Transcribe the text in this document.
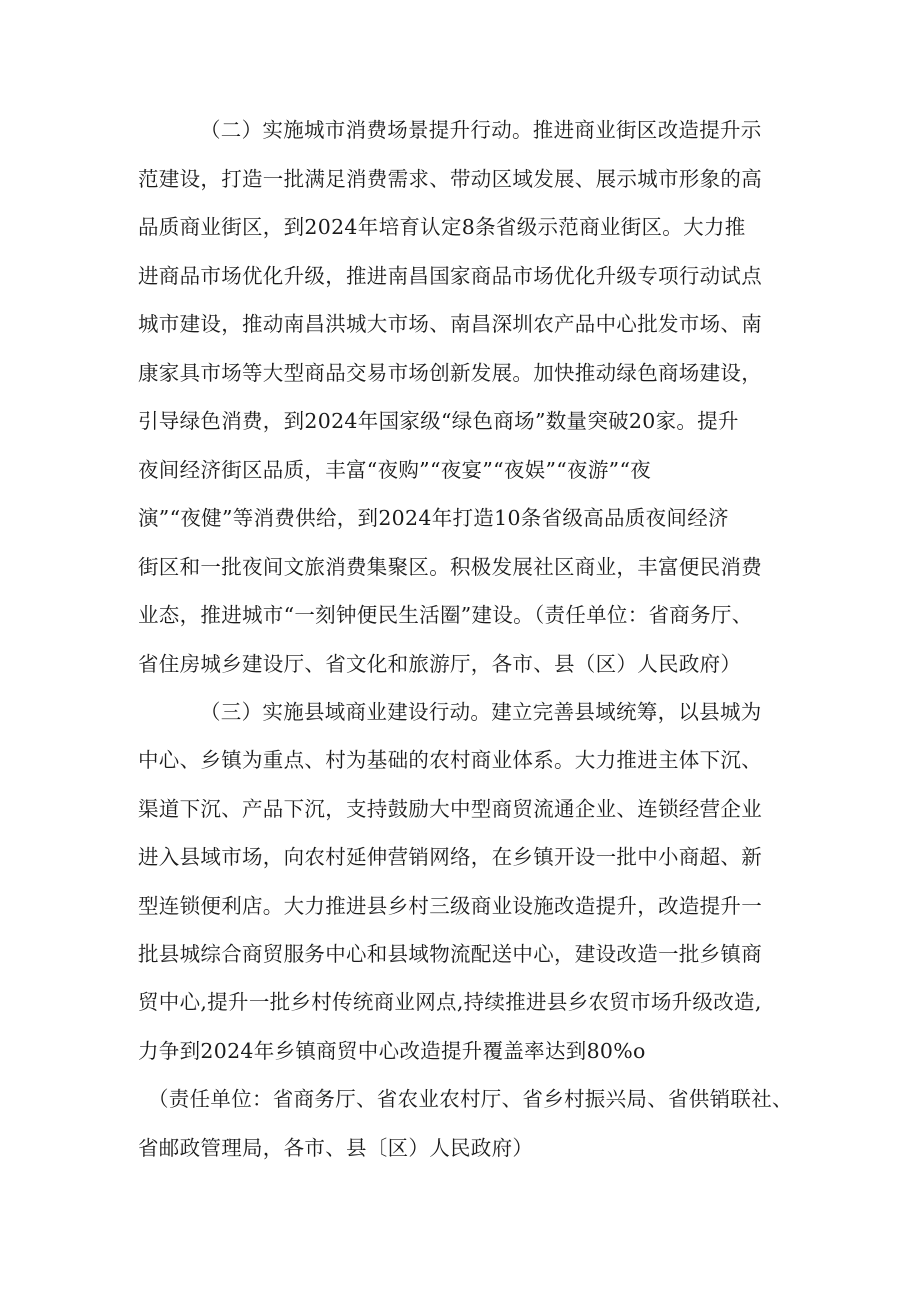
（二）实施城市消费场景提升行动。推进商业街区改造提升示
范建设，打造一批满足消费需求、带动区域发展、展示城市形象的高
品质商业街区，到2024年培育认定8条省级示范商业街区。大力推
进商品市场优化升级，推进南昌国家商品市场优化升级专项行动试点
城市建设，推动南昌洪城大市场、南昌深圳农产品中心批发市场、南
康家具市场等大型商品交易市场创新发展。加快推动绿色商场建设，
引导绿色消费，到2024年国家级“绿色商场”数量突破20家。提升
夜间经济街区品质，丰富“夜购”“夜宴”“夜娱”“夜游”“夜
演”“夜健”等消费供给，到2024年打造10条省级高品质夜间经济
街区和一批夜间文旅消费集聚区。积极发展社区商业，丰富便民消费
业态，推进城市“一刻钟便民生活圈”建设。（责任单位：省商务厅、
省住房城乡建设厅、省文化和旅游厅，各市、县（区）人民政府）
（三）实施县域商业建设行动。建立完善县域统筹，以县城为
中心、乡镇为重点、村为基础的农村商业体系。大力推进主体下沉、
渠道下沉、产品下沉，支持鼓励大中型商贸流通企业、连锁经营企业
进入县域市场，向农村延伸营销网络，在乡镇开设一批中小商超、新
型连锁便利店。大力推进县乡村三级商业设施改造提升，改造提升一
批县城综合商贸服务中心和县域物流配送中心，建设改造一批乡镇商
贸中心,提升一批乡村传统商业网点,持续推进县乡农贸市场升级改造,
力争到2024年乡镇商贸中心改造提升覆盖率达到80%o
（责任单位：省商务厅、省农业农村厅、省乡村振兴局、省供销联社、
省邮政管理局，各市、县〔区）人民政府）
